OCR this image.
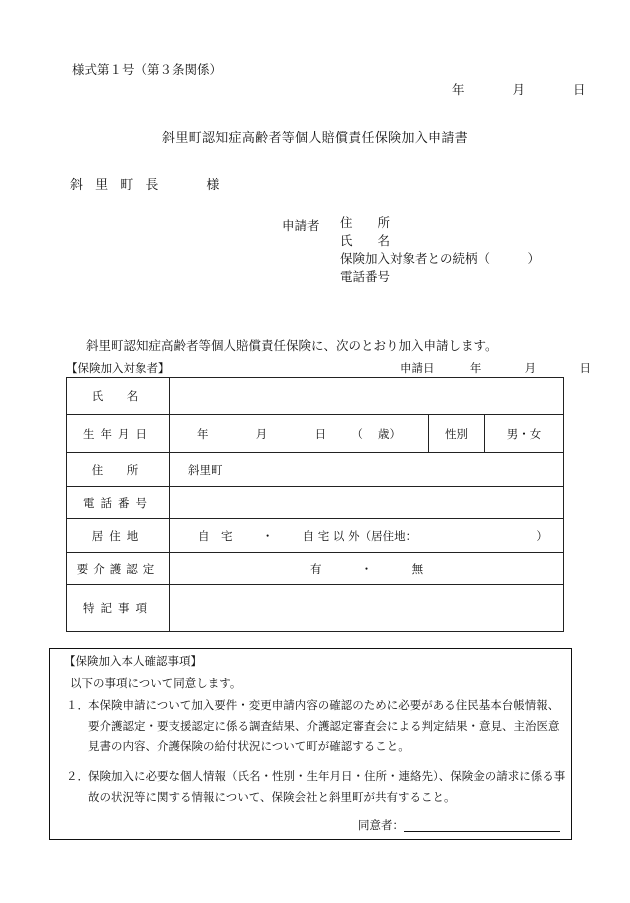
様式第１号（第３条関係）
年	月	日
斜里町認知症高齢者等個人賠償責任保険加入申請書
斜 里 町 長	様
申請者 住　　所
氏　　名
保険加入対象者との続柄（　　　）
電話番号
斜里町認知症高齢者等個人賠償責任保険に、次のとおり加入申請します。
【保険加入対象者】	申請日	年	月	日
氏　名			
生年月日	年 月 日 （　 歳）	性別	男・女
住　所	斜里町		
電話番号			
居住地	自　宅 ・ 自 宅 以 外（居住地： ）		
要介護認定	有 ・ 無		
特記事項			
【保険加入本人確認事項】
以下の事項について同意します。
１． 本保険申請について加入要件・変更申請内容の確認のために必要がある住民基本台帳情報、要介護認定・要支援認定に係る調査結果、介護認定審査会による判定結果・意見、主治医意見書の内容、介護保険の給付状況について町が確認すること。
２． 保険加入に必要な個人情報（氏名・性別・生年月日・住所・連絡先）、保険金の請求に係る事故の状況等に関する情報について、保険会社と斜里町が共有すること。
同意者：
